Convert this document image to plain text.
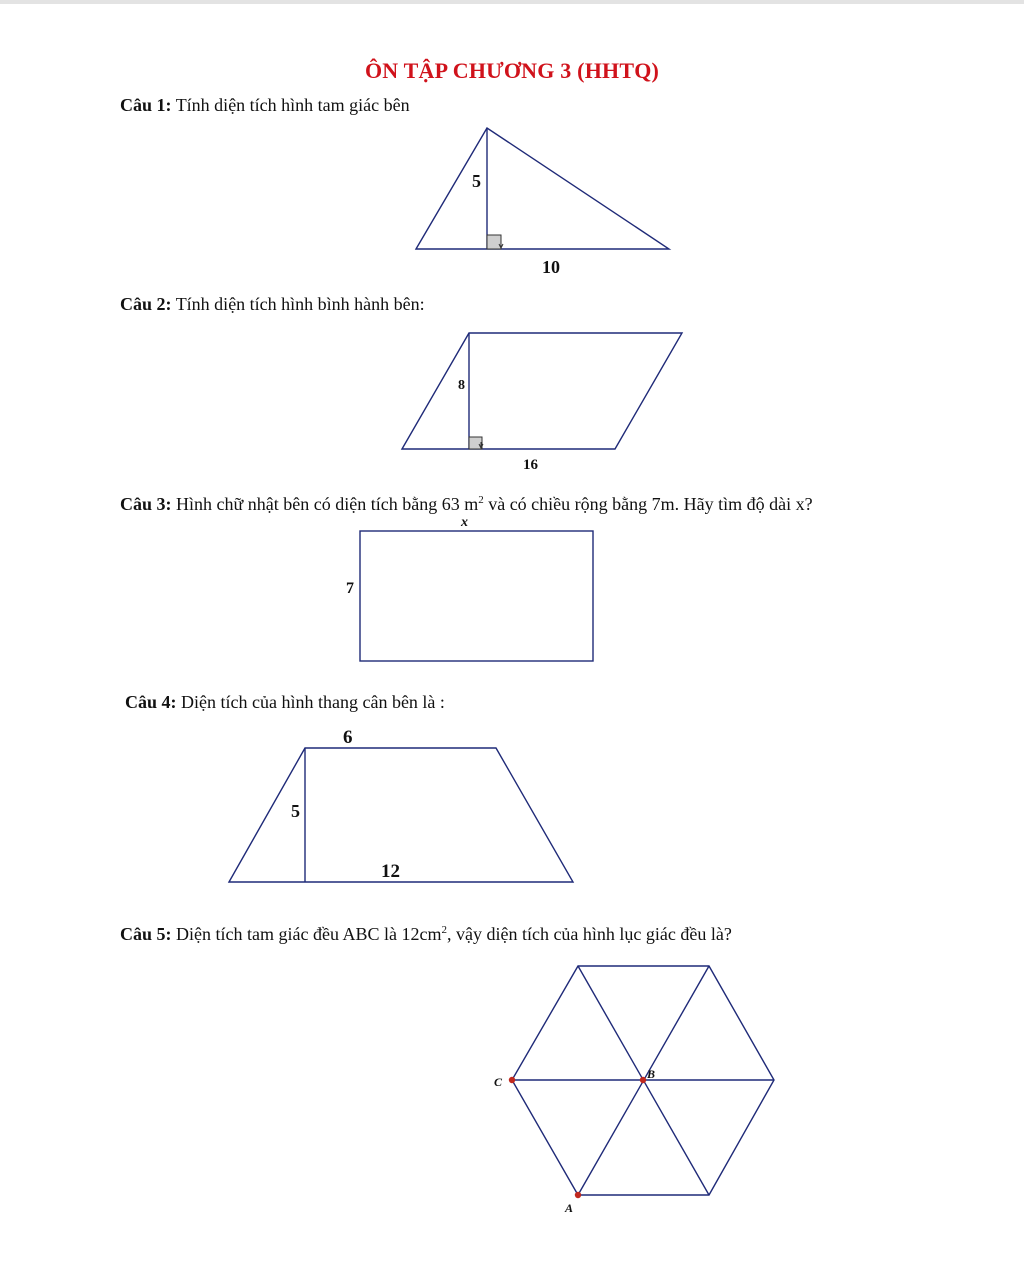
ÔN TẬP CHƯƠNG 3 (HHTQ)
Câu 1: Tính diện tích hình tam giác bên
Câu 2: Tính diện tích hình bình hành bên:
Câu 3: Hình chữ nhật bên có diện tích bằng 63 $m^2$ và có chiều rộng bằng 7m. Hãy tìm độ dài x?
Câu 4: Diện tích của hình thang cân bên là :
Câu 5: Diện tích tam giác đều ABC là $12cm^2$, vậy diện tích của hình lục giác đều là?
5
10
8
16
x
7
6
5
12
C
B
A
